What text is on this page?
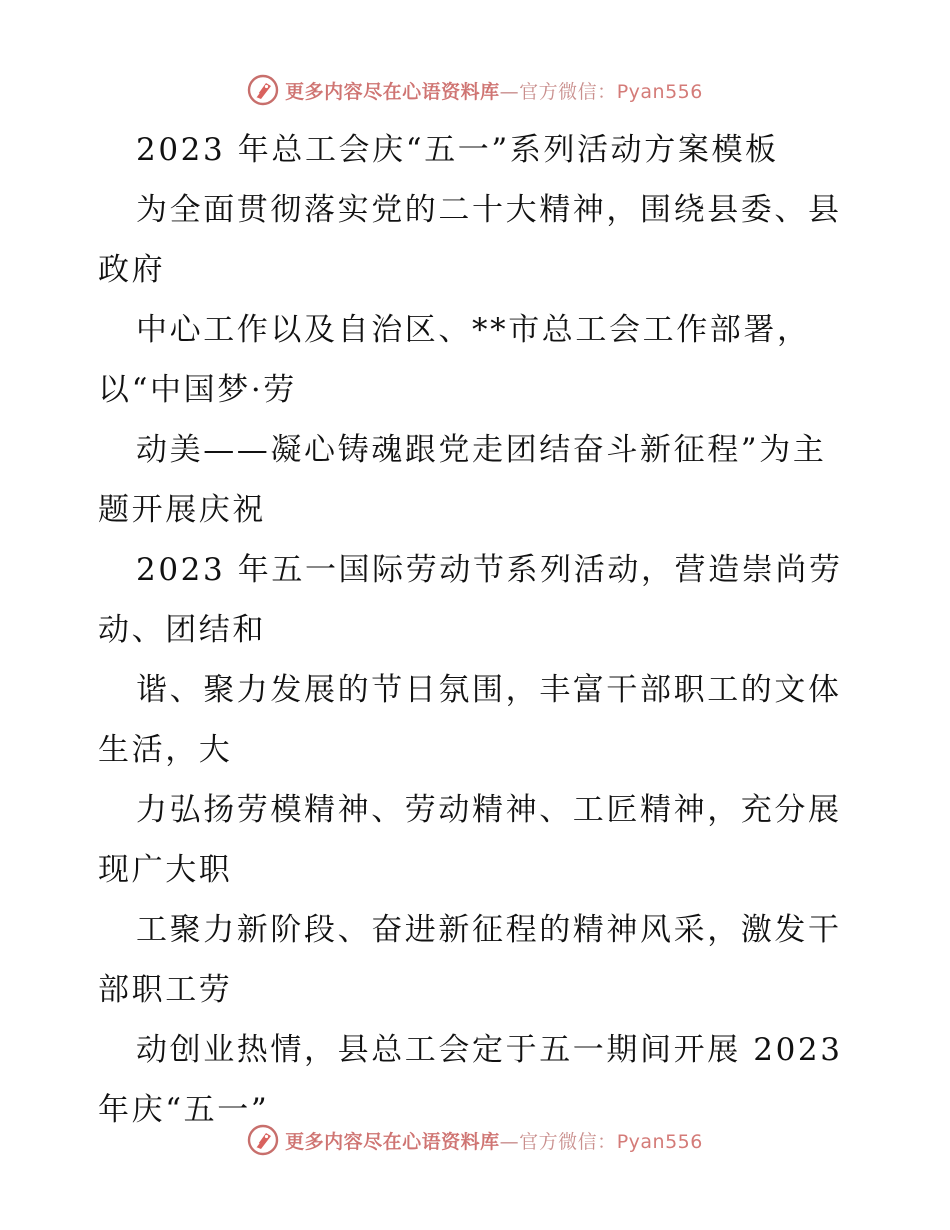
更多内容尽在心语资料库—官方微信：Pyan556
2023 年总工会庆“五一”系列活动方案模板
为全面贯彻落实党的二十大精神，围绕县委、县
政府
中心工作以及自治区、**市总工会工作部署，
以“中国梦·劳
动美——凝心铸魂跟党走团结奋斗新征程”为主
题开展庆祝
2023 年五一国际劳动节系列活动，营造崇尚劳
动、团结和
谐、聚力发展的节日氛围，丰富干部职工的文体
生活，大
力弘扬劳模精神、劳动精神、工匠精神，充分展
现广大职
工聚力新阶段、奋进新征程的精神风采，激发干
部职工劳
动创业热情，县总工会定于五一期间开展 2023
年庆“五一”
更多内容尽在心语资料库—官方微信：Pyan556
